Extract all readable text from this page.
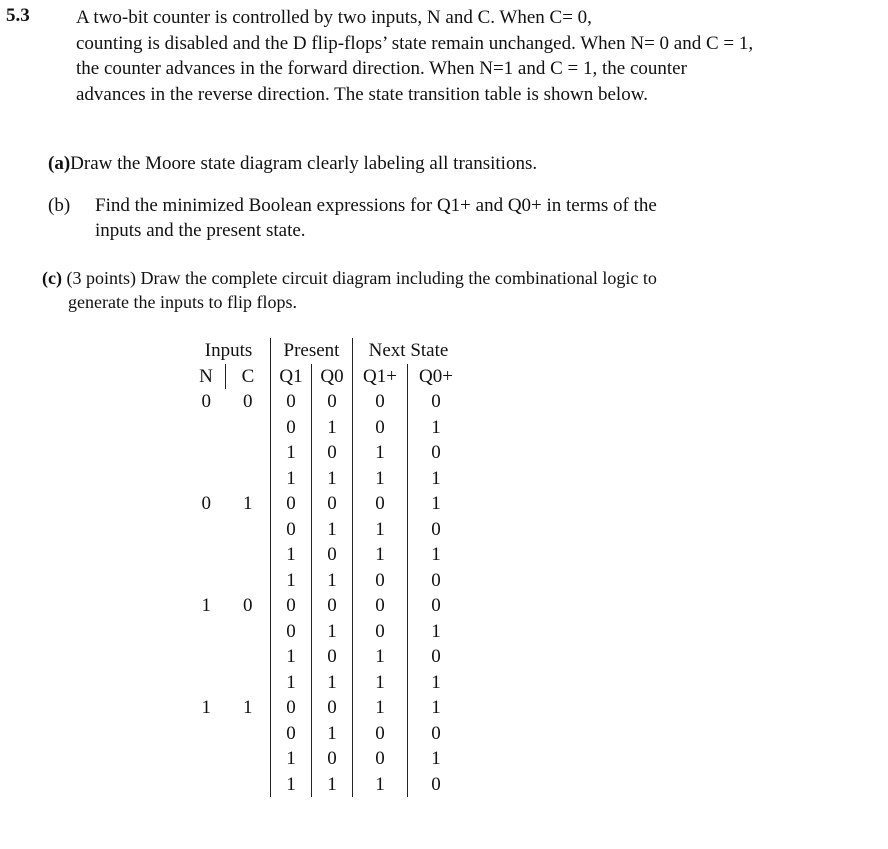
5.3 A two-bit counter is controlled by two inputs, N and C. When C= 0,
counting is disabled and the D flip-flops’ state remain unchanged. When N= 0 and C = 1,
the counter advances in the forward direction. When N=1 and C = 1, the counter
advances in the reverse direction. The state transition table is shown below.
(a)Draw the Moore state diagram clearly labeling all transitions.
(b) Find the minimized Boolean expressions for Q1+ and Q0+ in terms of the
inputs and the present state.
(c) (3 points) Draw the complete circuit diagram including the combinational logic to
generate the inputs to flip flops.
Inputs		Present		Next State	
N	C	Q1	Q0	Q1+	Q0+
0	0	0	0	0	0
		0	1	0	1
		1	0	1	0
		1	1	1	1
0	1	0	0	0	1
		0	1	1	0
		1	0	1	1
		1	1	0	0
1	0	0	0	0	0
		0	1	0	1
		1	0	1	0
		1	1	1	1
1	1	0	0	1	1
		0	1	0	0
		1	0	0	1
		1	1	1	0
